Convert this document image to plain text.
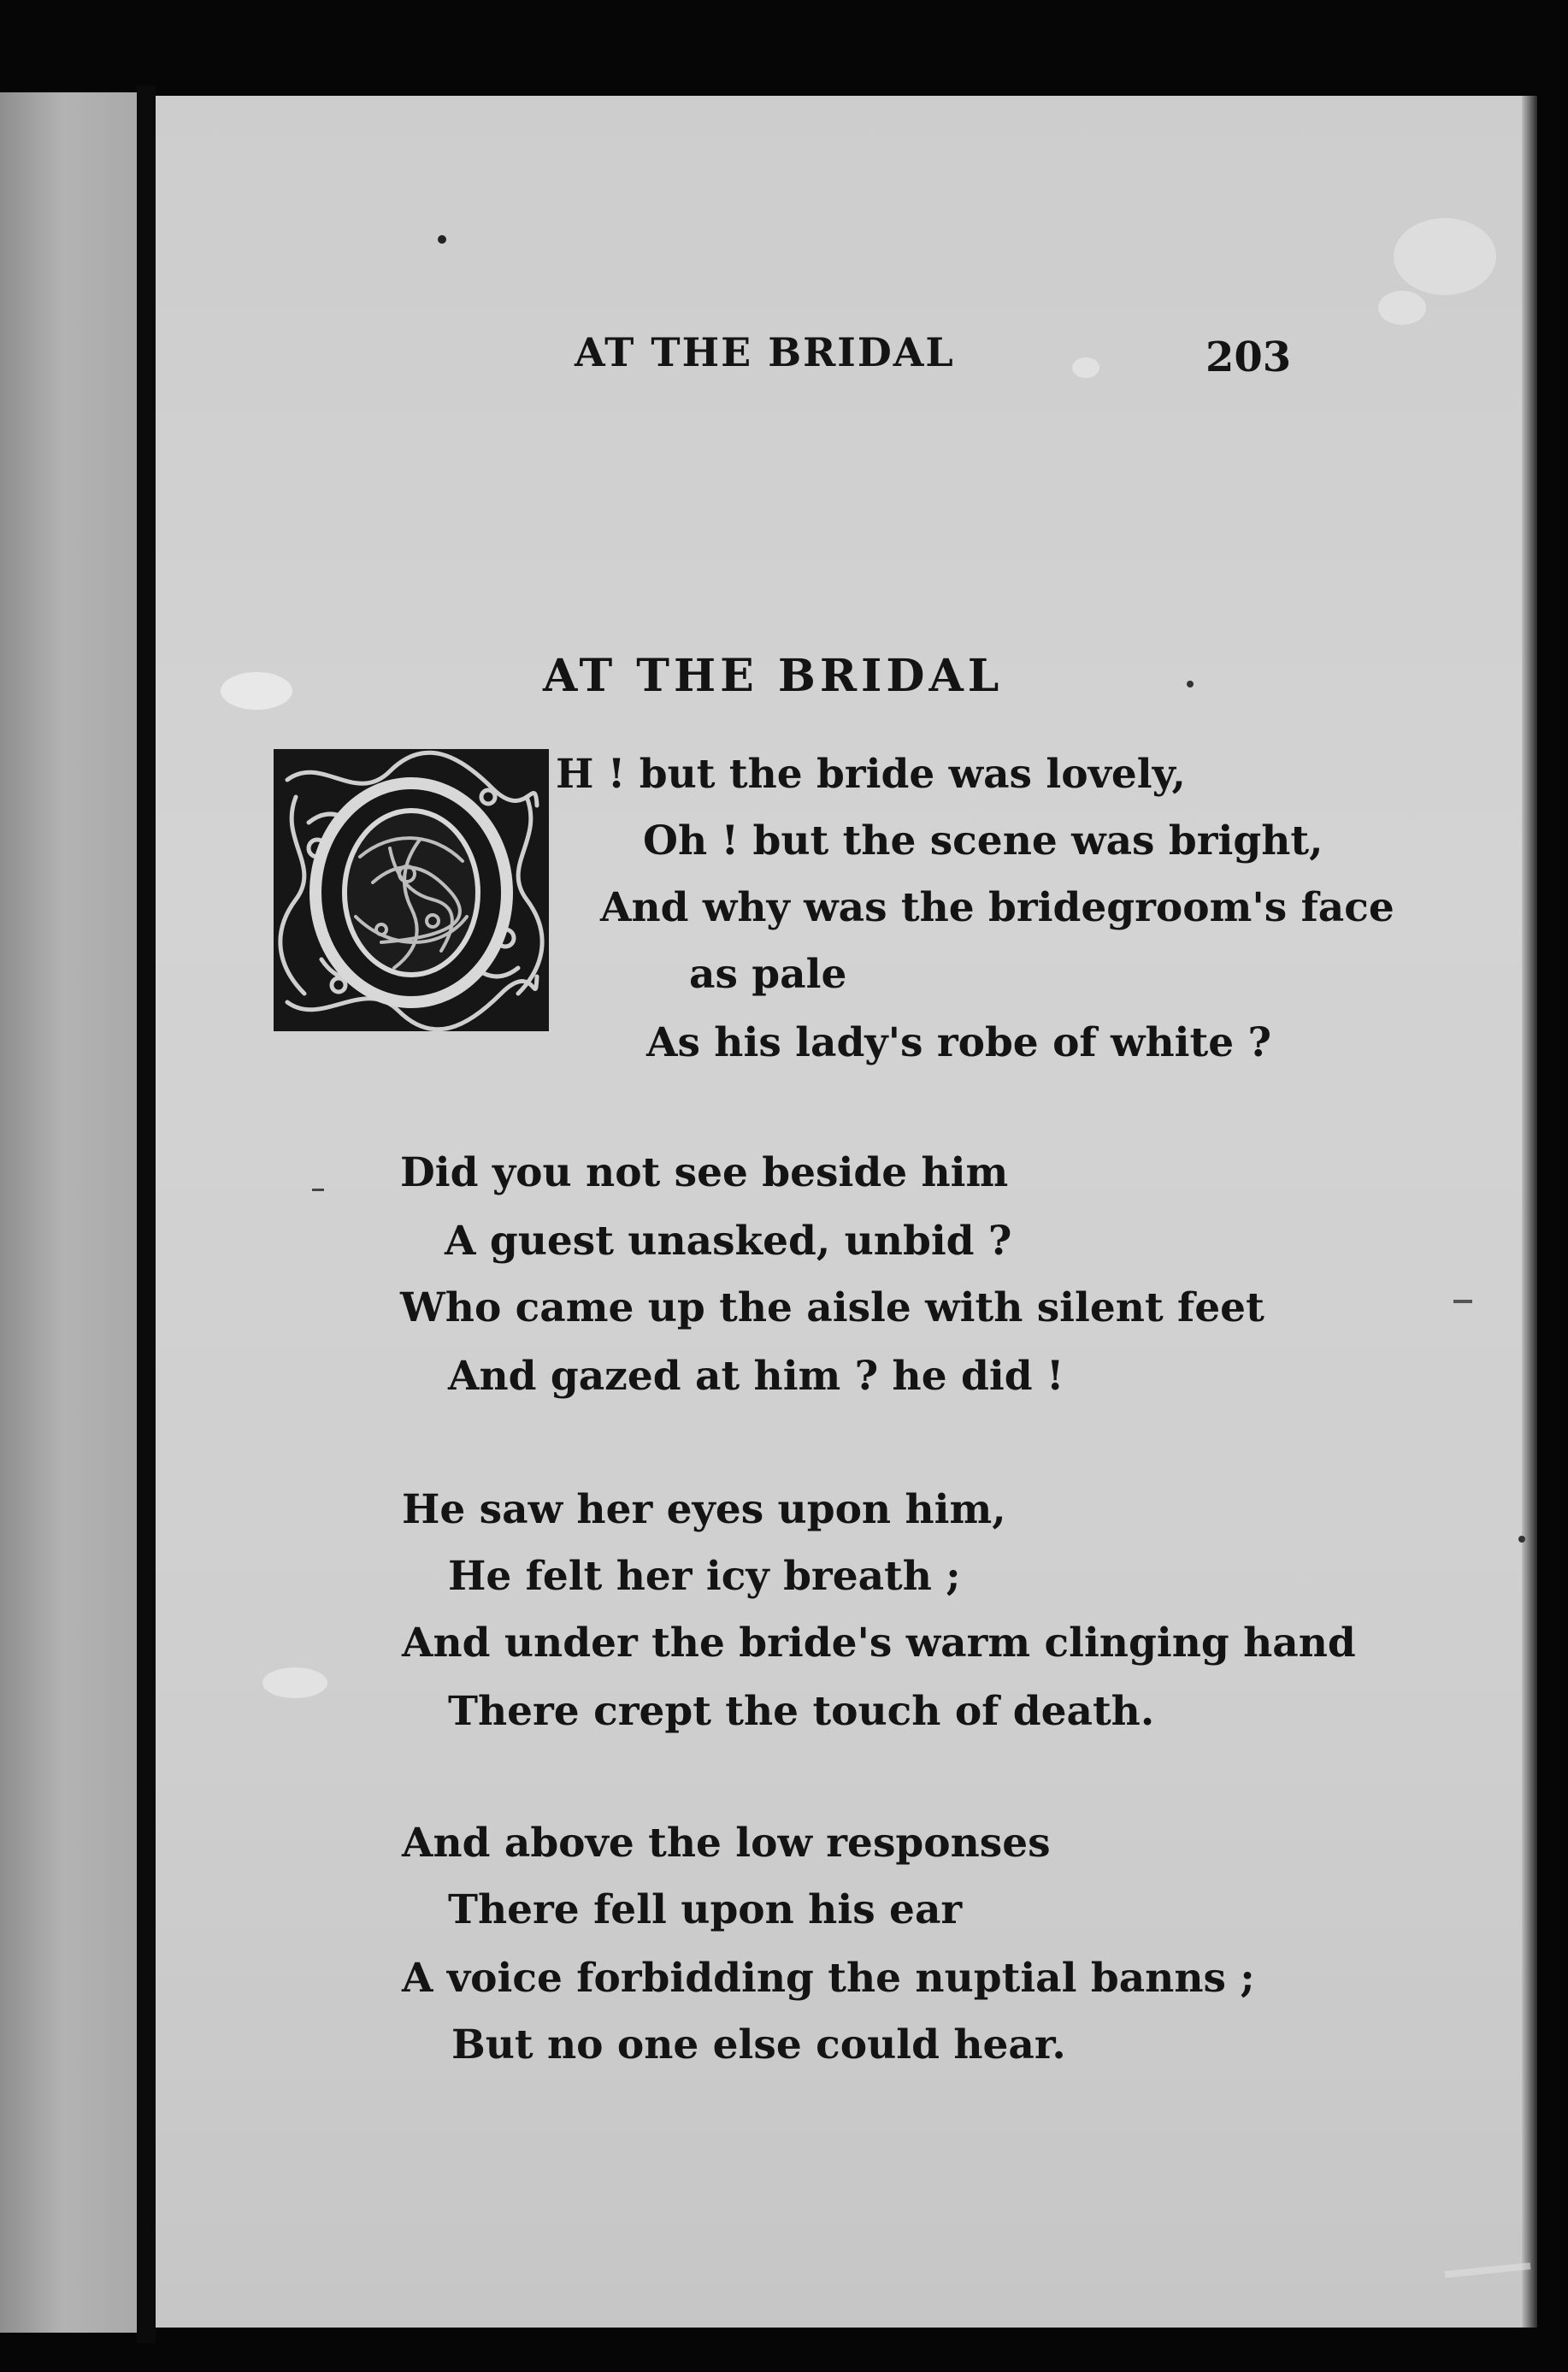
AT THE BRIDAL	203
AT THE BRIDAL
H ! but the bride was lovely,
Oh ! but the scene was bright,
And why was the bridegroom's face
as pale
As his lady's robe of white ?
Did you not see beside him
A guest unasked, unbid ?
Who came up the aisle with silent feet
And gazed at him ? he did !
He saw her eyes upon him,
He felt her icy breath ;
And under the bride's warm clinging hand
There crept the touch of death.
And above the low responses
There fell upon his ear
A voice forbidding the nuptial banns ;
But no one else could hear.
